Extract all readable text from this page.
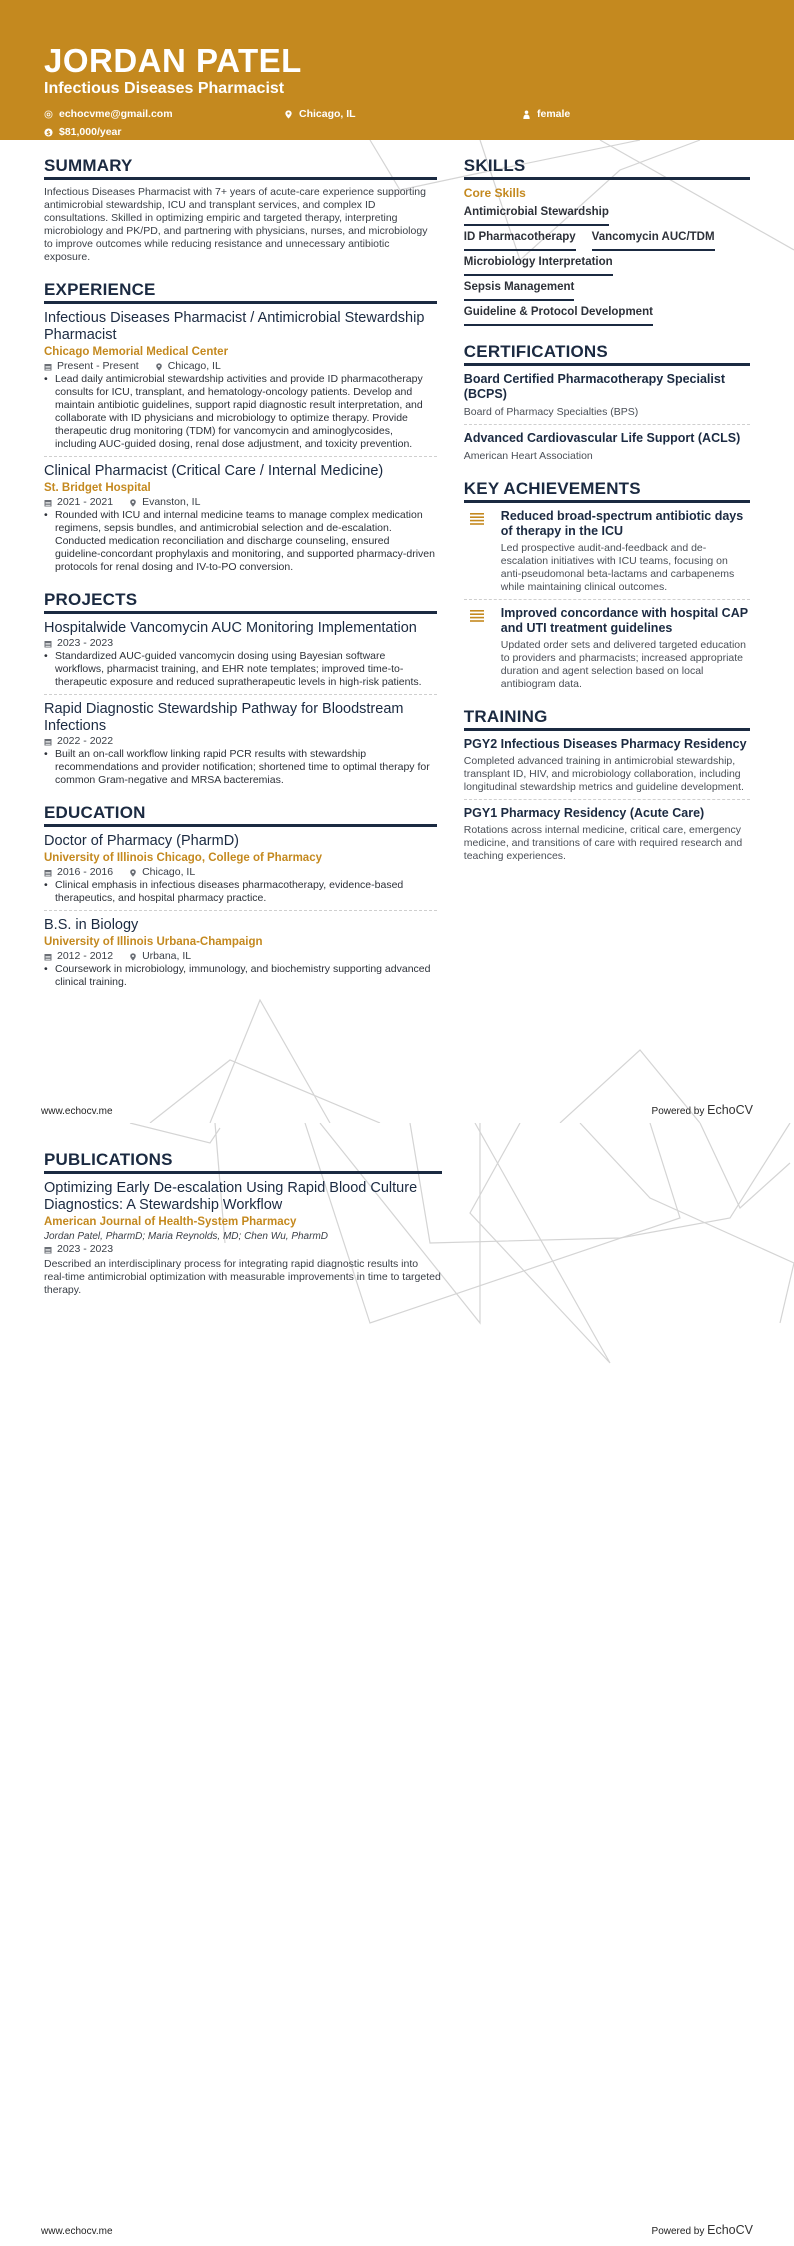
JORDAN PATEL
Infectious Diseases Pharmacist
echocvme@gmail.com	Chicago, IL	female
$ $81,000/year
SUMMARY
Infectious Diseases Pharmacist with 7+ years of acute-care experience supporting antimicrobial stewardship, ICU and transplant services, and complex ID consultations. Skilled in optimizing empiric and targeted therapy, interpreting microbiology and PK/PD, and partnering with physicians, nurses, and microbiology to improve outcomes while reducing resistance and unnecessary antibiotic exposure.
EXPERIENCE
Infectious Diseases Pharmacist / Antimicrobial Stewardship Pharmacist
Chicago Memorial Medical Center
Present - Present	Chicago, IL
• Lead daily antimicrobial stewardship activities and provide ID pharmacotherapy consults for ICU, transplant, and hematology-oncology patients. Develop and maintain antibiotic guidelines, support rapid diagnostic result interpretation, and collaborate with ID physicians and microbiology to optimize therapy. Provide therapeutic drug monitoring (TDM) for vancomycin and aminoglycosides, including AUC-guided dosing, renal dose adjustment, and toxicity prevention.
Clinical Pharmacist (Critical Care / Internal Medicine)
St. Bridget Hospital
2021 - 2021	Evanston, IL
• Rounded with ICU and internal medicine teams to manage complex medication regimens, sepsis bundles, and antimicrobial selection and de-escalation. Conducted medication reconciliation and discharge counseling, ensured guideline-concordant prophylaxis and monitoring, and supported pharmacy-driven protocols for renal dosing and IV-to-PO conversion.
PROJECTS
Hospitalwide Vancomycin AUC Monitoring Implementation
2023 - 2023
• Standardized AUC-guided vancomycin dosing using Bayesian software workflows, pharmacist training, and EHR note templates; improved time-to-therapeutic exposure and reduced supratherapeutic levels in high-risk patients.
Rapid Diagnostic Stewardship Pathway for Bloodstream Infections
2022 - 2022
• Built an on-call workflow linking rapid PCR results with stewardship recommendations and provider notification; shortened time to optimal therapy for common Gram-negative and MRSA bacteremias.
EDUCATION
Doctor of Pharmacy (PharmD)
University of Illinois Chicago, College of Pharmacy
2016 - 2016	Chicago, IL
• Clinical emphasis in infectious diseases pharmacotherapy, evidence-based therapeutics, and hospital pharmacy practice.
B.S. in Biology
University of Illinois Urbana-Champaign
2012 - 2012	Urbana, IL
• Coursework in microbiology, immunology, and biochemistry supporting advanced clinical training.
SKILLS
Core Skills
Antimicrobial Stewardship
ID Pharmacotherapy Vancomycin AUC/TDM
Microbiology Interpretation
Sepsis Management
Guideline & Protocol Development
CERTIFICATIONS
Board Certified Pharmacotherapy Specialist (BCPS)
Board of Pharmacy Specialties (BPS)
Advanced Cardiovascular Life Support (ACLS)
American Heart Association
KEY ACHIEVEMENTS
Reduced broad-spectrum antibiotic days of therapy in the ICU
Led prospective audit-and-feedback and de-escalation initiatives with ICU teams, focusing on anti-pseudomonal beta-lactams and carbapenems while maintaining clinical outcomes.
Improved concordance with hospital CAP and UTI treatment guidelines
Updated order sets and delivered targeted education to providers and pharmacists; increased appropriate duration and agent selection based on local antibiogram data.
TRAINING
PGY2 Infectious Diseases Pharmacy Residency
Completed advanced training in antimicrobial stewardship, transplant ID, HIV, and microbiology collaboration, including longitudinal stewardship metrics and guideline development.
PGY1 Pharmacy Residency (Acute Care)
Rotations across internal medicine, critical care, emergency medicine, and transitions of care with required research and teaching experiences.
www.echocv.me	Powered by EchoCV
PUBLICATIONS
Optimizing Early De-escalation Using Rapid Blood Culture Diagnostics: A Stewardship Workflow
American Journal of Health-System Pharmacy
Jordan Patel, PharmD; Maria Reynolds, MD; Chen Wu, PharmD
2023 - 2023
Described an interdisciplinary process for integrating rapid diagnostic results into real-time antimicrobial optimization with measurable improvements in time to targeted therapy.
www.echocv.me	Powered by EchoCV
